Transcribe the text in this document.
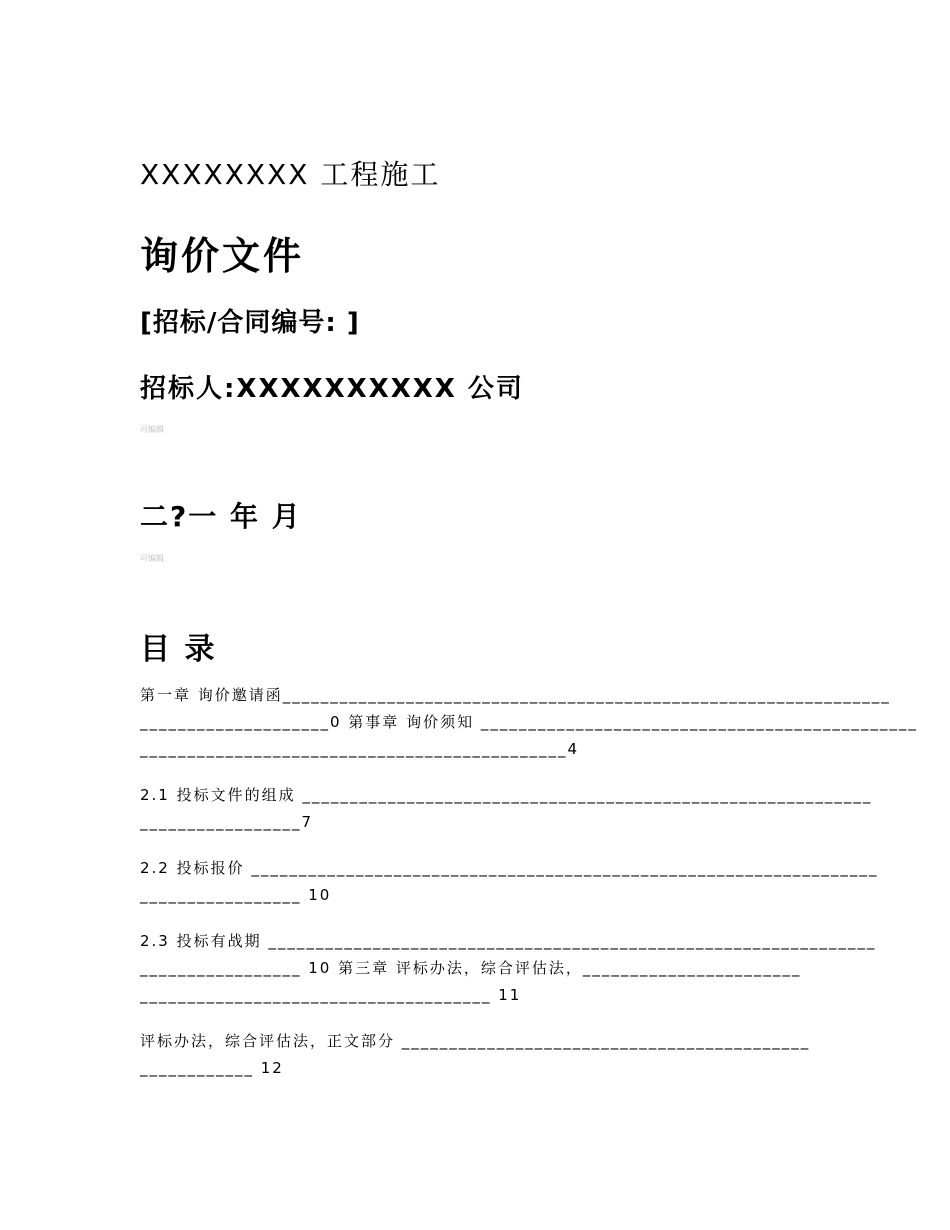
XXXXXXXX 工程施工
询价文件
[招标/合同编号: ]
招标人:XXXXXXXXXX 公司
可编辑
二?一 年 月
可编辑
目 录
第一章 询价邀请函________________________________________________________________
____________________0 第事章 询价须知 ______________________________________________
_____________________________________________4
2.1 投标文件的组成 ____________________________________________________________
_________________7
2.2 投标报价 __________________________________________________________________
_________________ 10
2.3 投标有战期 ________________________________________________________________
_________________ 10 第三章 评标办法，综合评估法，_______________________
_____________________________________ 11
评标办法，综合评估法，正文部分 ___________________________________________
____________ 12
